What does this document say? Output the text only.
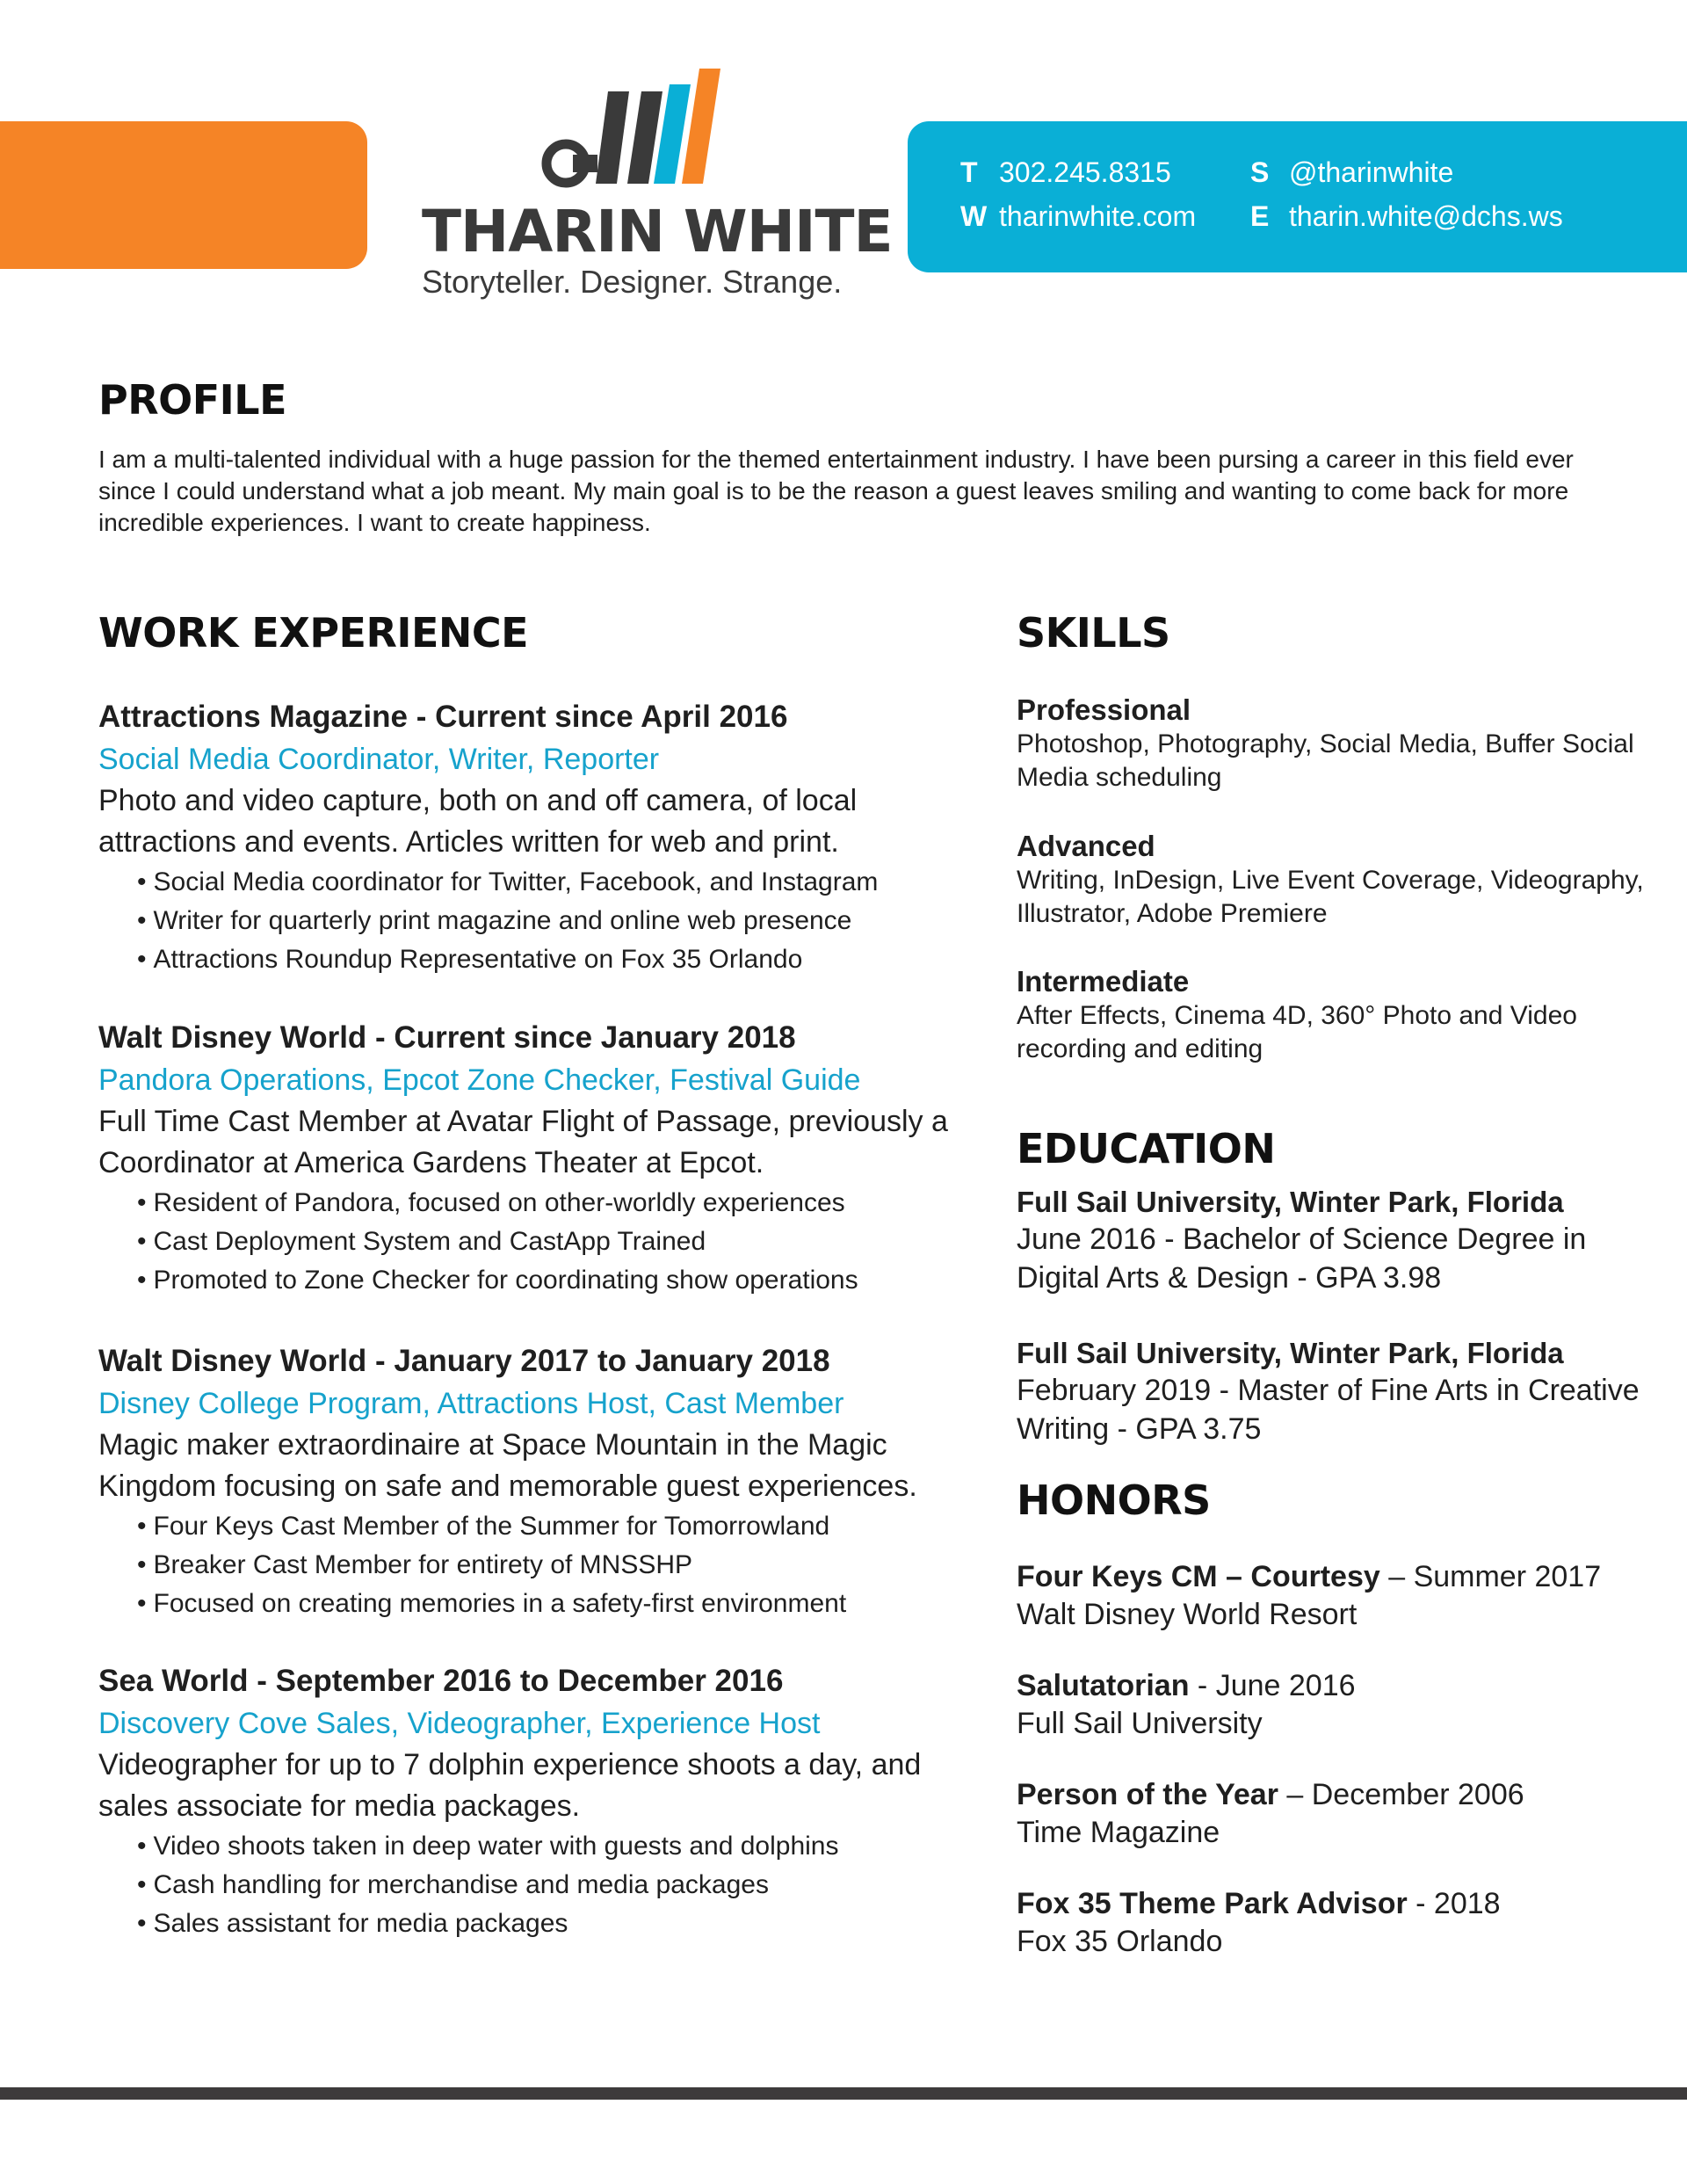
THARIN WHITE
Storyteller. Designer. Strange.
T 302.245.8315
W tharinwhite.com
S @tharinwhite
E tharin.white@dchs.ws
PROFILE
I am a multi-talented individual with a huge passion for the themed entertainment industry. I have been pursing a career in this field ever since I could understand what a job meant. My main goal is to be the reason a guest leaves smiling and wanting to come back for more incredible experiences. I want to create happiness.
WORK EXPERIENCE
Attractions Magazine - Current since April 2016
Social Media Coordinator, Writer, Reporter
Photo and video capture, both on and off camera, of local attractions and events. Articles written for web and print.
• Social Media coordinator for Twitter, Facebook, and Instagram
• Writer for quarterly print magazine and online web presence
• Attractions Roundup Representative on Fox 35 Orlando
Walt Disney World - Current since January 2018
Pandora Operations, Epcot Zone Checker, Festival Guide
Full Time Cast Member at Avatar Flight of Passage, previously a Coordinator at America Gardens Theater at Epcot.
• Resident of Pandora, focused on other-worldly experiences
• Cast Deployment System and CastApp Trained
• Promoted to Zone Checker for coordinating show operations
Walt Disney World - January 2017 to January 2018
Disney College Program, Attractions Host, Cast Member
Magic maker extraordinaire at Space Mountain in the Magic Kingdom focusing on safe and memorable guest experiences.
• Four Keys Cast Member of the Summer for Tomorrowland
• Breaker Cast Member for entirety of MNSSHP
• Focused on creating memories in a safety-first environment
Sea World - September 2016 to December 2016
Discovery Cove Sales, Videographer, Experience Host
Videographer for up to 7 dolphin experience shoots a day, and sales associate for media packages.
• Video shoots taken in deep water with guests and dolphins
• Cash handling for merchandise and media packages
• Sales assistant for media packages
SKILLS
Professional
Photoshop, Photography, Social Media, Buffer Social Media scheduling
Advanced
Writing, InDesign, Live Event Coverage, Videography, Illustrator, Adobe Premiere
Intermediate
After Effects, Cinema 4D, 360° Photo and Video recording and editing
EDUCATION
Full Sail University, Winter Park, Florida
June 2016 - Bachelor of Science Degree in Digital Arts & Design - GPA 3.98
Full Sail University, Winter Park, Florida
February 2019 - Master of Fine Arts in Creative Writing - GPA 3.75
HONORS
Four Keys CM – Courtesy – Summer 2017
Walt Disney World Resort
Salutatorian - June 2016
Full Sail University
Person of the Year – December 2006
Time Magazine
Fox 35 Theme Park Advisor - 2018
Fox 35 Orlando
